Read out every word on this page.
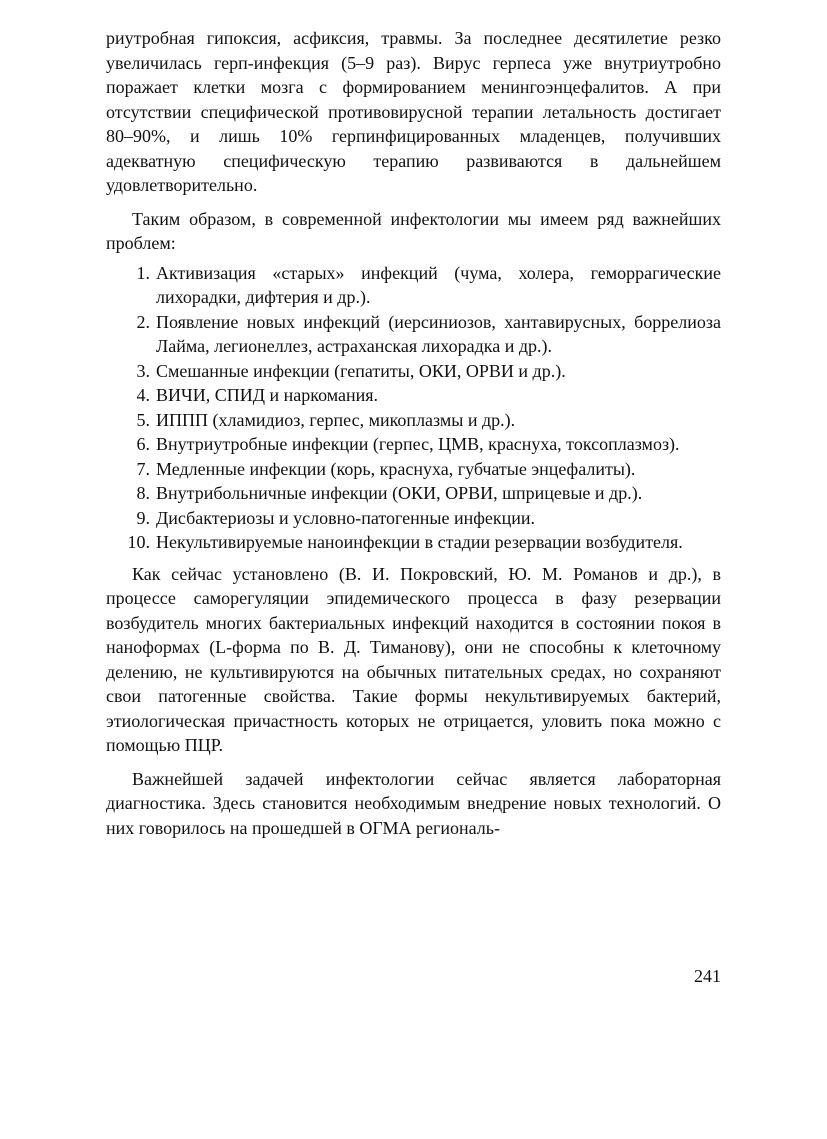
риутробная гипоксия, асфиксия, травмы. За последнее десятилетие резко увеличилась герп-инфекция (5–9 раз). Вирус герпеса уже внутриутробно поражает клетки мозга с формированием менингоэнцефалитов. А при отсутствии специфической противовирусной терапии летальность достигает 80–90%, и лишь 10% герпинфицированных младенцев, получивших адекватную специфическую терапию развиваются в дальнейшем удовлетворительно.

Таким образом, в современной инфектологии мы имеем ряд важнейших проблем:

1. Активизация «старых» инфекций (чума, холера, геморрагические лихорадки, дифтерия и др.).
2. Появление новых инфекций (иерсиниозов, хантавирусных, боррелиоза Лайма, легионеллез, астраханская лихорадка и др.).
3. Смешанные инфекции (гепатиты, ОКИ, ОРВИ и др.).
4. ВИЧИ, СПИД и наркомания.
5. ИППП (хламидиоз, герпес, микоплазмы и др.).
6. Внутриутробные инфекции (герпес, ЦМВ, краснуха, токсоплазмоз).
7. Медленные инфекции (корь, краснуха, губчатые энцефалиты).
8. Внутрибольничные инфекции (ОКИ, ОРВИ, шприцевые и др.).
9. Дисбактериозы и условно-патогенные инфекции.
10. Некультивируемые наноинфекции в стадии резервации возбудителя.

Как сейчас установлено (В. И. Покровский, Ю. М. Романов и др.), в процессе саморегуляции эпидемического процесса в фазу резервации возбудитель многих бактериальных инфекций находится в состоянии покоя в наноформах (L-форма по В. Д. Тиманову), они не способны к клеточному делению, не культивируются на обычных питательных средах, но сохраняют свои патогенные свойства. Такие формы некультивируемых бактерий, этиологическая причастность которых не отрицается, уловить пока можно с помощью ПЦР.

Важнейшей задачей инфектологии сейчас является лабораторная диагностика. Здесь становится необходимым внедрение новых технологий. О них говорилось на прошедшей в ОГМА региональ-

241
